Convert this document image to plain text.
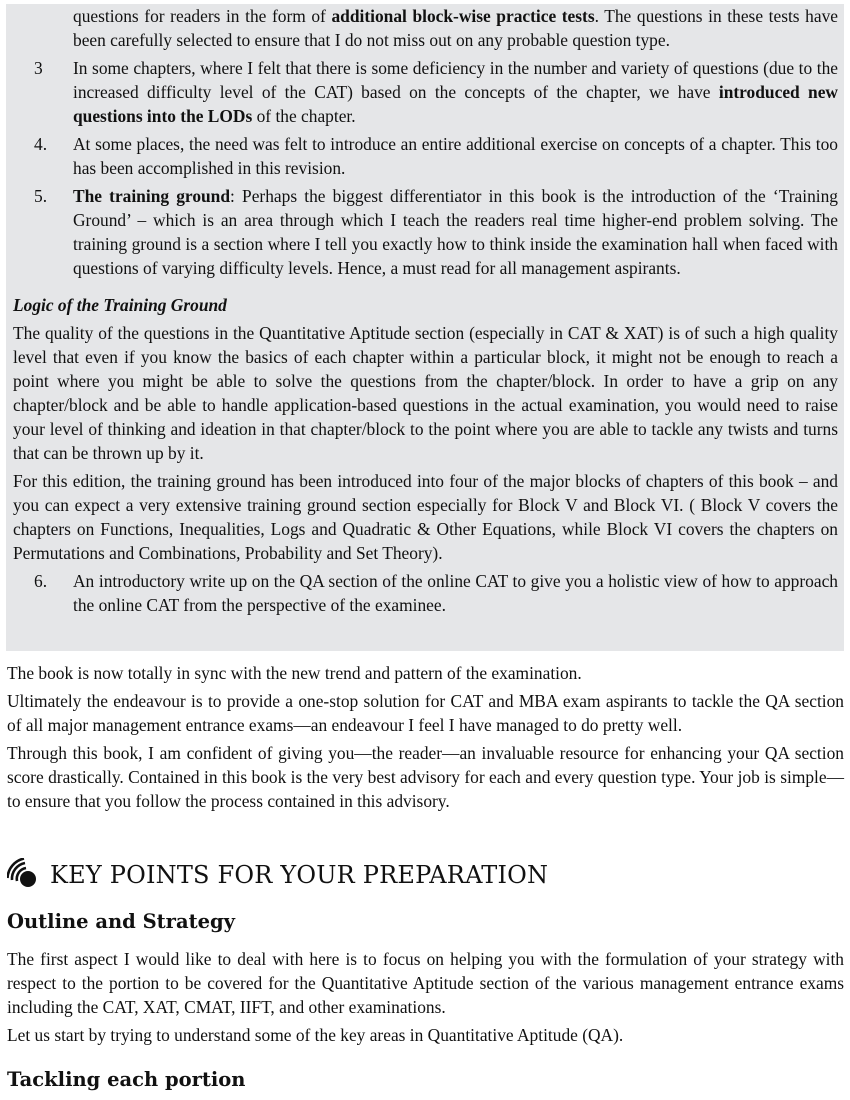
questions for readers in the form of additional block-wise practice tests. The questions in these tests have been carefully selected to ensure that I do not miss out on any probable question type.

3 In some chapters, where I felt that there is some deficiency in the number and variety of questions (due to the increased difficulty level of the CAT) based on the concepts of the chapter, we have introduced new questions into the LODs of the chapter.

4. At some places, the need was felt to introduce an entire additional exercise on concepts of a chapter. This too has been accomplished in this revision.

5. The training ground: Perhaps the biggest differentiator in this book is the introduction of the ‘Training Ground’ – which is an area through which I teach the readers real time higher-end problem solving. The training ground is a section where I tell you exactly how to think inside the examination hall when faced with questions of varying difficulty levels. Hence, a must read for all management aspirants.

Logic of the Training Ground

The quality of the questions in the Quantitative Aptitude section (especially in CAT & XAT) is of such a high quality level that even if you know the basics of each chapter within a particular block, it might not be enough to reach a point where you might be able to solve the questions from the chapter/block. In order to have a grip on any chapter/block and be able to handle application-based questions in the actual examination, you would need to raise your level of thinking and ideation in that chapter/block to the point where you are able to tackle any twists and turns that can be thrown up by it.

For this edition, the training ground has been introduced into four of the major blocks of chapters of this book – and you can expect a very extensive training ground section especially for Block V and Block VI. ( Block V covers the chapters on Functions, Inequalities, Logs and Quadratic & Other Equations, while Block VI covers the chapters on Permutations and Combinations, Probability and Set Theory).

6. An introductory write up on the QA section of the online CAT to give you a holistic view of how to approach the online CAT from the perspective of the examinee.

The book is now totally in sync with the new trend and pattern of the examination.

Ultimately the endeavour is to provide a one-stop solution for CAT and MBA exam aspirants to tackle the QA section of all major management entrance exams—an endeavour I feel I have managed to do pretty well.

Through this book, I am confident of giving you—the reader—an invaluable resource for enhancing your QA section score drastically. Contained in this book is the very best advisory for each and every question type. Your job is simple—to ensure that you follow the process contained in this advisory.

KEY POINTS FOR YOUR PREPARATION
Outline and Strategy

The first aspect I would like to deal with here is to focus on helping you with the formulation of your strategy with respect to the portion to be covered for the Quantitative Aptitude section of the various management entrance exams including the CAT, XAT, CMAT, IIFT, and other examinations.

Let us start by trying to understand some of the key areas in Quantitative Aptitude (QA).

Tackling each portion
